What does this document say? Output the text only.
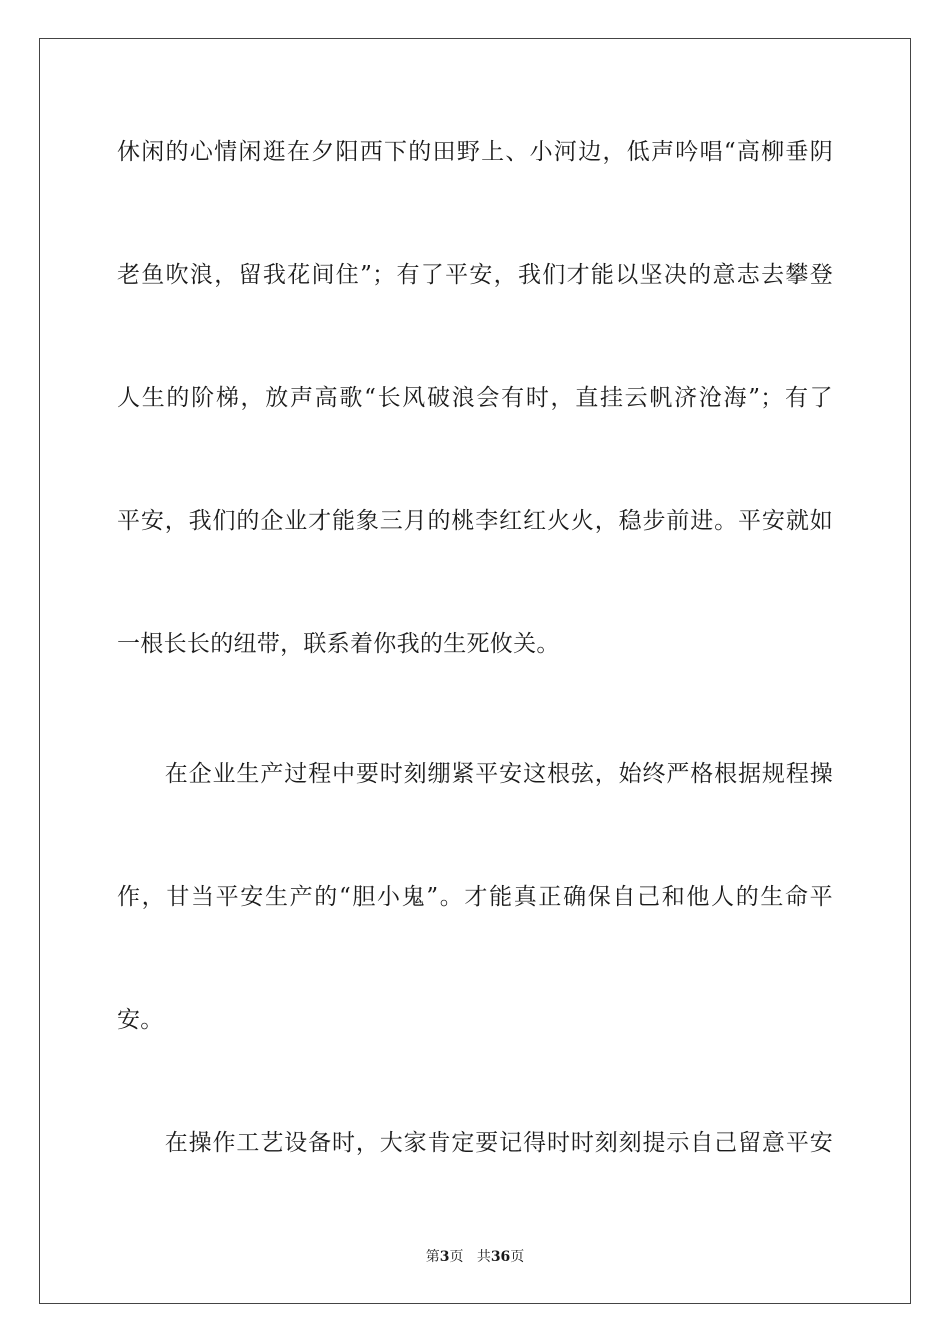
休闲的心情闲逛在夕阳西下的田野上、小河边，低声吟唱“高柳垂阴
老鱼吹浪，留我花间住”；有了平安，我们才能以坚决的意志去攀登
人生的阶梯，放声高歌“长风破浪会有时，直挂云帆济沧海”；有了
平安，我们的企业才能象三月的桃李红红火火，稳步前进。平安就如
一根长长的纽带，联系着你我的生死攸关。
　　在企业生产过程中要时刻绷紧平安这根弦，始终严格根据规程操
作，甘当平安生产的“胆小鬼”。才能真正确保自己和他人的生命平
安。
　　在操作工艺设备时，大家肯定要记得时时刻刻提示自己留意平安
第3页 共36页
